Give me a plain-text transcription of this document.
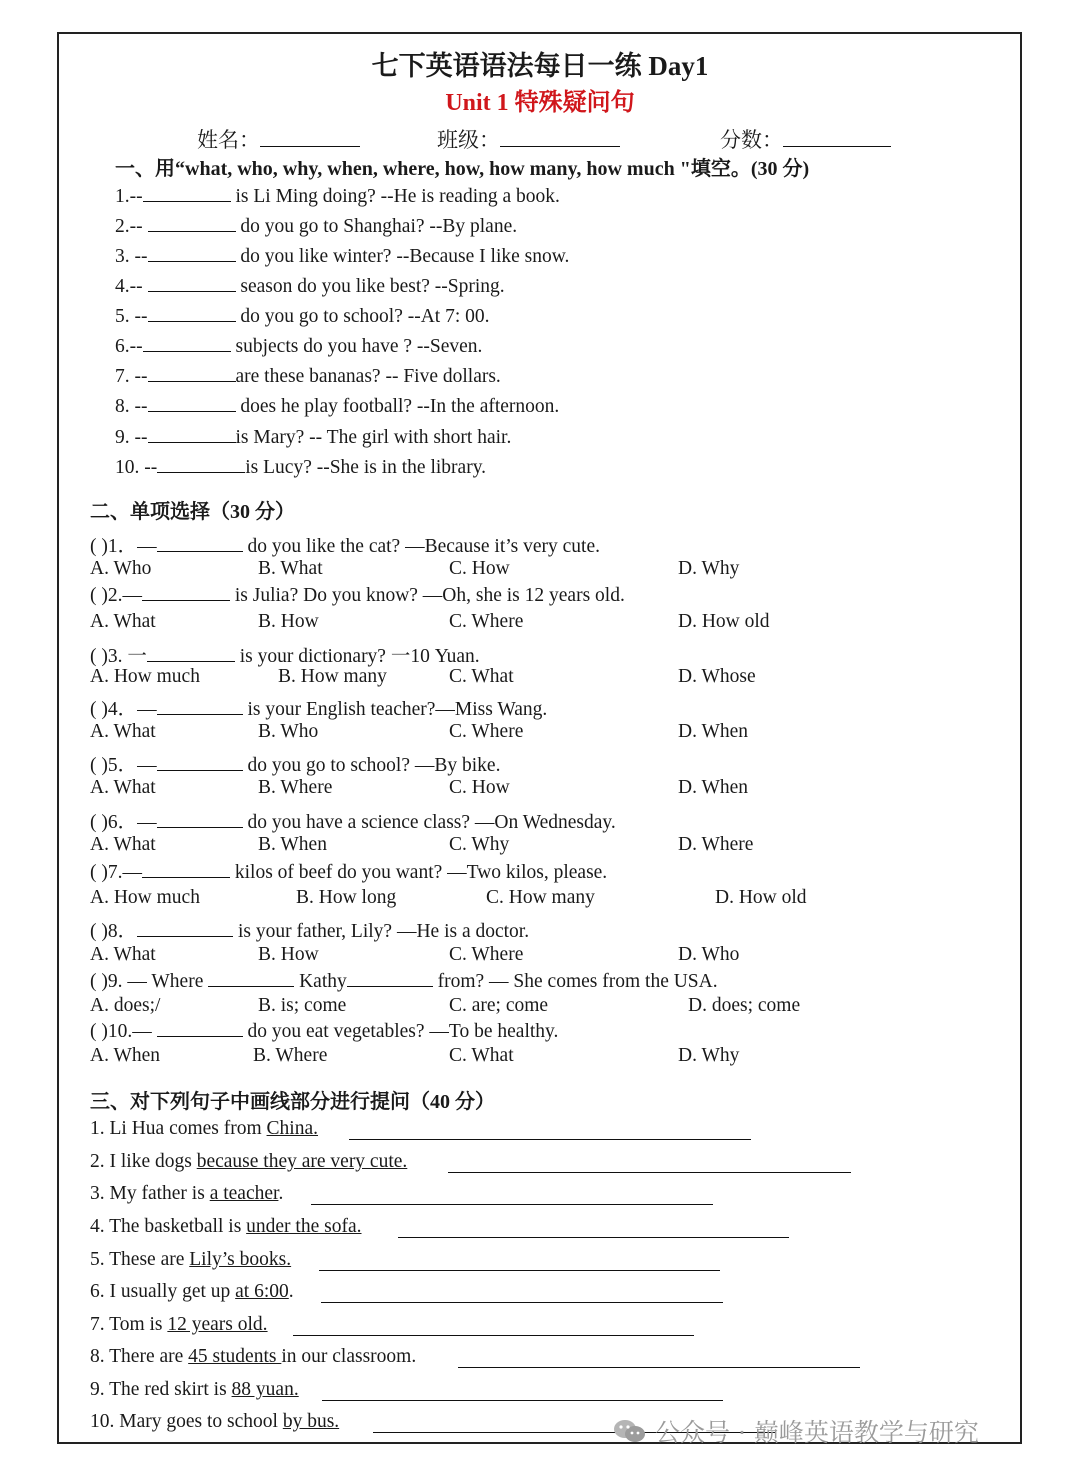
七下英语语法每日一练 Day1
Unit 1 特殊疑问句
姓名：	班级：	分数：
一、用“what, who, why, when, where, how, how many, how much "填空。(30 分)
1.--	is Li Ming doing? --He is reading a book.
2.--	do you go to Shanghai? --By plane.
3. --	do you like winter? --Because I like snow.
4.--	season do you like best? --Spring.
5. --	do you go to school? --At 7: 00.
6.--	subjects do you have ? --Seven.
7. --	are these bananas? -- Five dollars.
8. --	does he play football? --In the afternoon.
9. --	is Mary? -- The girl with short hair.
10. --	is Lucy? --She is in the library.
二、单项选择（30 分）
( )1．—	do you like the cat? —Because it’s very cute.
A. Who	B. What	C. How	D. Why
( )2.—	is Julia? Do you know? —Oh, she is 12 years old.
A. What	B. How	C. Where	D. How old
( )3. 一	is your dictionary? 一10 Yuan.
A. How much	B. How many	C. What	D. Whose
( )4．—	is your English teacher?—Miss Wang.
A. What	B. Who	C. Where	D. When
( )5．—	do you go to school? —By bike.
A. What	B. Where	C. How	D. When
( )6．—	do you have a science class? —On Wednesday.
A. What	B. When	C. Why	D. Where
( )7.—	kilos of beef do you want? —Two kilos, please.
A. How much	B. How long	C. How many	D. How old
( )8．	is your father, Lily? —He is a doctor.
A. What	B. How	C. Where	D. Who
( )9. — Where	Kathy	from? — She comes from the USA.
A. does;/	B. is; come	C. are; come	D. does; come
( )10.—	do you eat vegetables? —To be healthy.
A. When	B. Where	C. What	D. Why
三、对下列句子中画线部分进行提问（40 分）
1. Li Hua comes from China.
2. I like dogs because they are very cute.
3. My father is a teacher.
4. The basketball is under the sofa.
5. These are Lily’s books.
6. I usually get up at 6:00.
7. Tom is 12 years old.
8. There are 45 students in our classroom.
9. The red skirt is 88 yuan.
10. Mary goes to school by bus.	公众号 · 巅峰英语教学与研究
